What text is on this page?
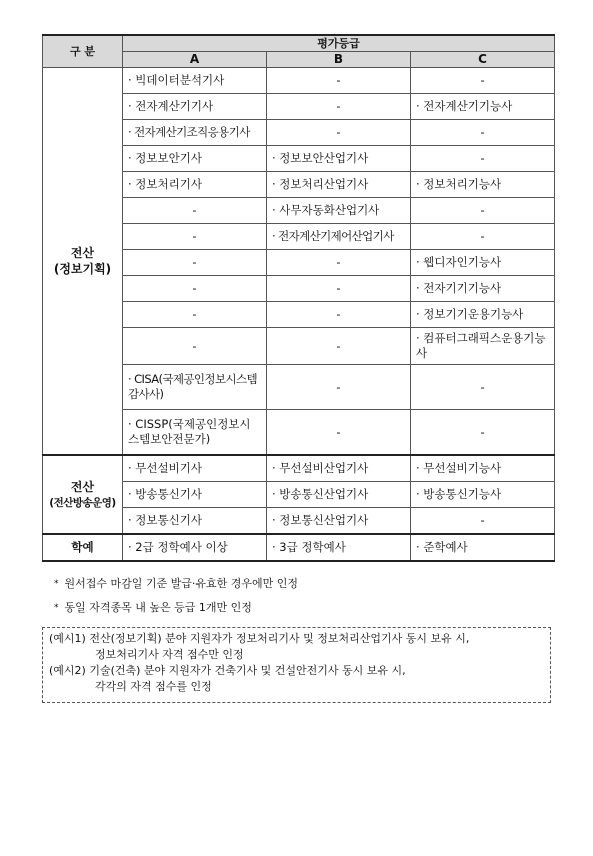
구 분	평가등급		
	A	B	C

전산
(정보기획)	· 빅데이터분석기사	-	-
	· 전자계산기기사	-	· 전자계산기기능사
	· 전자계산기조직응용기사	-	-
	· 정보보안기사	· 정보보안산업기사	-
	· 정보처리기사	· 정보처리산업기사	· 정보처리기능사
	-	· 사무자동화산업기사	-
	-	· 전자계산기제어산업기사	-
	-	-	· 웹디자인기능사
	-	-	· 전자기기기능사
	-	-	· 정보기기운용기능사
	-	-	· 컴퓨터그래픽스운용기능사
	· CISA(국제공인정보시스템감사사)	-	-
	· CISSP(국제공인정보시스템보안전문가)	-	-

전산
(전산방송운영)	· 무선설비기사	· 무선설비산업기사	· 무선설비기능사
	· 방송통신기사	· 방송통신산업기사	· 방송통신기능사
	· 정보통신기사	· 정보통신산업기사	-
학예	· 2급 정학예사 이상	· 3급 정학예사	· 준학예사
* 원서접수 마감일 기준 발급·유효한 경우에만 인정
* 동일 자격종목 내 높은 등급 1개만 인정
(예시1) 전산(정보기획) 분야 지원자가 정보처리기사 및 정보처리산업기사 동시 보유 시,
정보처리기사 자격 점수만 인정
(예시2) 기술(건축) 분야 지원자가 건축기사 및 건설안전기사 동시 보유 시,
각각의 자격 점수를 인정
